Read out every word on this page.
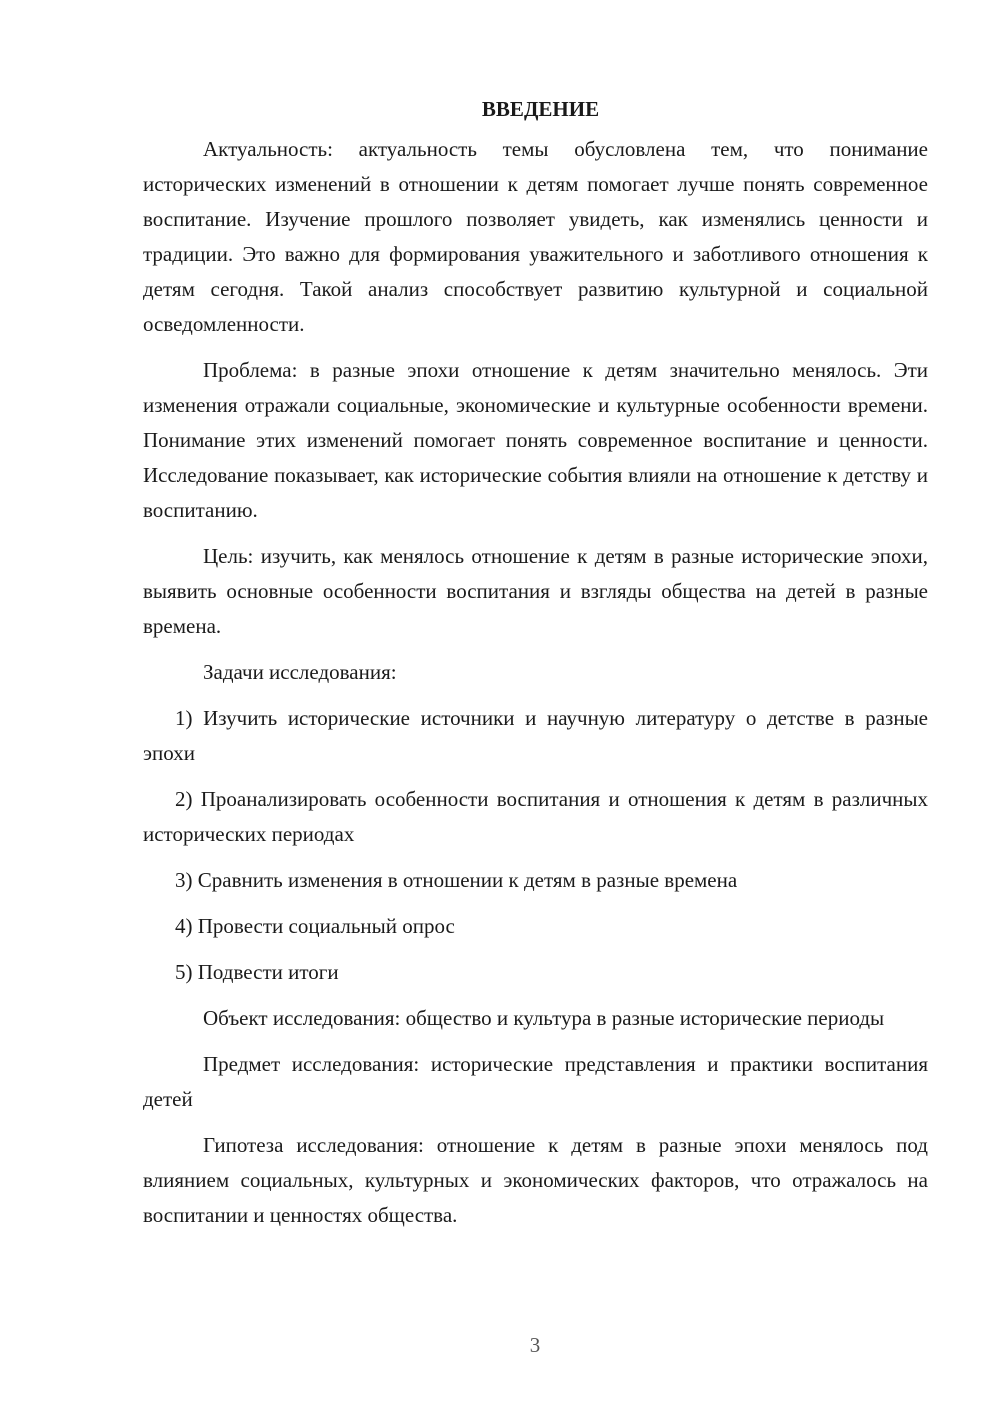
ВВЕДЕНИЕ

Актуальность: актуальность темы обусловлена тем, что понимание исторических изменений в отношении к детям помогает лучше понять современное воспитание. Изучение прошлого позволяет увидеть, как изменялись ценности и традиции. Это важно для формирования уважительного и заботливого отношения к детям сегодня. Такой анализ способствует развитию культурной и социальной осведомленности.

Проблема: в разные эпохи отношение к детям значительно менялось. Эти изменения отражали социальные, экономические и культурные особенности времени. Понимание этих изменений помогает понять современное воспитание и ценности. Исследование показывает, как исторические события влияли на отношение к детству и воспитанию.

Цель: изучить, как менялось отношение к детям в разные исторические эпохи, выявить основные особенности воспитания и взгляды общества на детей в разные времена.

Задачи исследования:

1) Изучить исторические источники и научную литературу о детстве в разные эпохи

2) Проанализировать особенности воспитания и отношения к детям в различных исторических периодах

3) Сравнить изменения в отношении к детям в разные времена

4) Провести социальный опрос

5) Подвести итоги

Объект исследования: общество и культура в разные исторические периоды

Предмет исследования: исторические представления и практики воспитания детей

Гипотеза исследования: отношение к детям в разные эпохи менялось под влиянием социальных, культурных и экономических факторов, что отражалось на воспитании и ценностях общества.

3
